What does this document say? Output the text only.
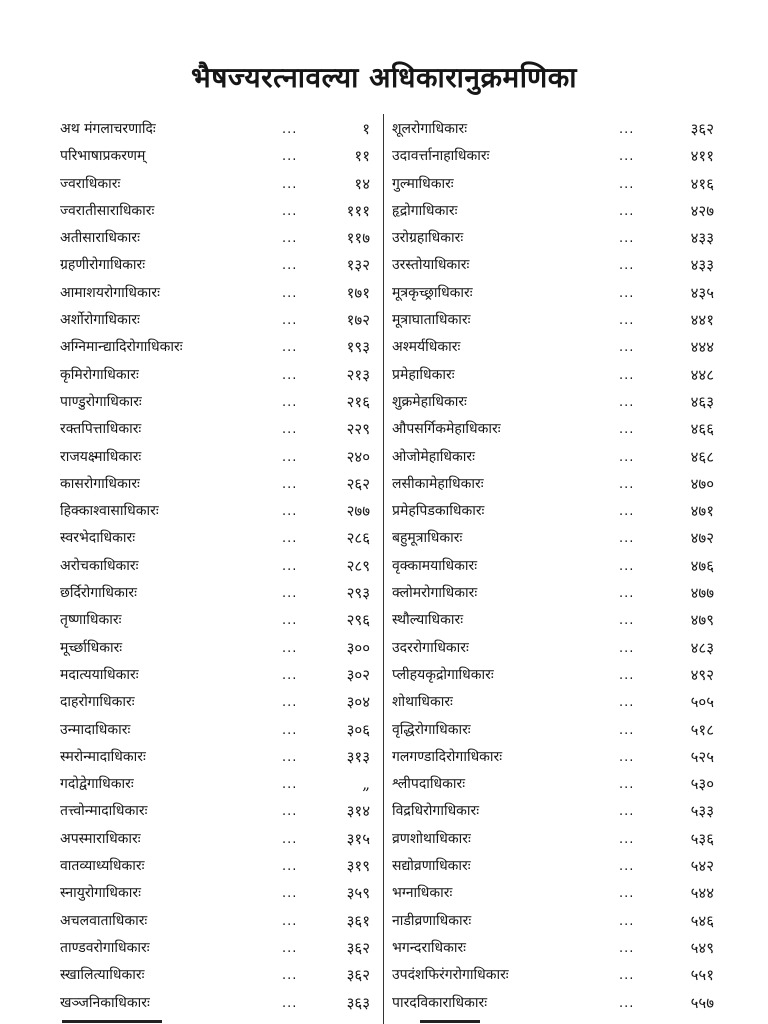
भैषज्यरत्नावल्या अधिकारानुक्रमणिका
अथ मंगलाचरणादिः	...	१
परिभाषाप्रकरणम्	...	११
ज्वराधिकारः	...	१४
ज्वरातीसाराधिकारः	...	१११
अतीसाराधिकारः	...	११७
ग्रहणीरोगाधिकारः	...	१३२
आमाशयरोगाधिकारः	...	१७१
अर्शोरोगाधिकारः	...	१७२
अग्निमान्द्यादिरोगाधिकारः	...	१९३
कृमिरोगाधिकारः	...	२१३
पाण्डुरोगाधिकारः	...	२१६
रक्तपित्ताधिकारः	...	२२९
राजयक्ष्माधिकारः	...	२४०
कासरोगाधिकारः	...	२६२
हिक्काश्वासाधिकारः	...	२७७
स्वरभेदाधिकारः	...	२८६
अरोचकाधिकारः	...	२८९
छर्दिरोगाधिकारः	...	२९३
तृष्णाधिकारः	...	२९६
मूर्च्छाधिकारः	...	३००
मदात्ययाधिकारः	...	३०२
दाहरोगाधिकारः	...	३०४
उन्मादाधिकारः	...	३०६
स्मरोन्मादाधिकारः	...	३१३
गदोद्वेगाधिकारः	...	„
तत्त्वोन्मादाधिकारः	...	३१४
अपस्माराधिकारः	...	३१५
वातव्याध्यधिकारः	...	३१९
स्नायुरोगाधिकारः	...	३५९
अचलवाताधिकारः	...	३६१
ताण्डवरोगाधिकारः	...	३६२
स्खालित्याधिकारः	...	३६२
खञ्जनिकाधिकारः	...	३६३
शूलरोगाधिकारः	...	३६२
उदावर्त्तानाहाधिकारः	...	४११
गुल्माधिकारः	...	४१६
हृद्रोगाधिकारः	...	४२७
उरोग्रहाधिकारः	...	४३३
उरस्तोयाधिकारः	...	४३३
मूत्रकृच्छ्राधिकारः	...	४३५
मूत्राघाताधिकारः	...	४४१
अश्मर्यधिकारः	...	४४४
प्रमेहाधिकारः	...	४४८
शुक्रमेहाधिकारः	...	४६३
औपसर्गिकमेहाधिकारः	...	४६६
ओजोमेहाधिकारः	...	४६८
लसीकामेहाधिकारः	...	४७०
प्रमेहपिडकाधिकारः	...	४७१
बहुमूत्राधिकारः	...	४७२
वृक्कामयाधिकारः	...	४७६
क्लोमरोगाधिकारः	...	४७७
स्थौल्याधिकारः	...	४७९
उदररोगाधिकारः	...	४८३
प्लीहयकृद्रोगाधिकारः	...	४९२
शोथाधिकारः	...	५०५
वृद्धिरोगाधिकारः	...	५१८
गलगण्डादिरोगाधिकारः	...	५२५
श्लीपदाधिकारः	...	५३०
विद्रधिरोगाधिकारः	...	५३३
व्रणशोथाधिकारः	...	५३६
सद्योव्रणाधिकारः	...	५४२
भग्नाधिकारः	...	५४४
नाडीव्रणाधिकारः	...	५४६
भगन्दराधिकारः	...	५४९
उपदंशफिरंगरोगाधिकारः	...	५५१
पारदविकाराधिकारः	...	५५७
